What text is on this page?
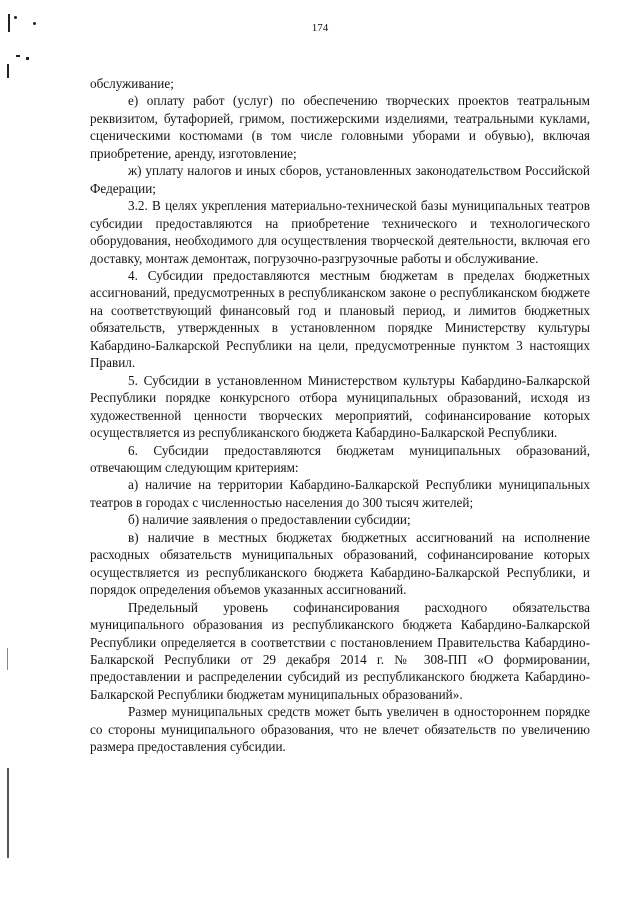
174

обслуживание;

е) оплату работ (услуг) по обеспечению творческих проектов театральным реквизитом, бутафорией, гримом, постижерскими изделиями, театральными куклами, сценическими костюмами (в том числе головными уборами и обувью), включая приобретение, аренду, изготовление;

ж) уплату налогов и иных сборов, установленных законодательством Российской Федерации;

3.2. В целях укрепления материально-технической базы муниципальных театров субсидии предоставляются на приобретение технического и технологического оборудования, необходимого для осуществления творческой деятельности, включая его доставку, монтаж демонтаж, погрузочно-разгрузочные работы и обслуживание.

4. Субсидии предоставляются местным бюджетам в пределах бюджетных ассигнований, предусмотренных в республиканском законе о республиканском бюджете на соответствующий финансовый год и плановый период, и лимитов бюджетных обязательств, утвержденных в установленном порядке Министерству культуры Кабардино-Балкарской Республики на цели, предусмотренные пунктом 3 настоящих Правил.

5. Субсидии в установленном Министерством культуры Кабардино-Балкарской Республики порядке конкурсного отбора муниципальных образований, исходя из художественной ценности творческих мероприятий, софинансирование которых осуществляется из республиканского бюджета Кабардино-Балкарской Республики.

6. Субсидии предоставляются бюджетам муниципальных образований, отвечающим следующим критериям:

а) наличие на территории Кабардино-Балкарской Республики муниципальных театров в городах с численностью населения до 300 тысяч жителей;

б) наличие заявления о предоставлении субсидии;

в) наличие в местных бюджетах бюджетных ассигнований на исполнение расходных обязательств муниципальных образований, софинансирование которых осуществляется из республиканского бюджета Кабардино-Балкарской Республики, и порядок определения объемов указанных ассигнований.

Предельный уровень софинансирования расходного обязательства муниципального образования из республиканского бюджета Кабардино-Балкарской Республики определяется в соответствии с постановлением Правительства Кабардино-Балкарской Республики от 29 декабря 2014 г. № 308-ПП «О формировании, предоставлении и распределении субсидий из республиканского бюджета Кабардино-Балкарской Республики бюджетам муниципальных образований».

Размер муниципальных средств может быть увеличен в одностороннем порядке со стороны муниципального образования, что не влечет обязательств по увеличению размера предоставления субсидии.
